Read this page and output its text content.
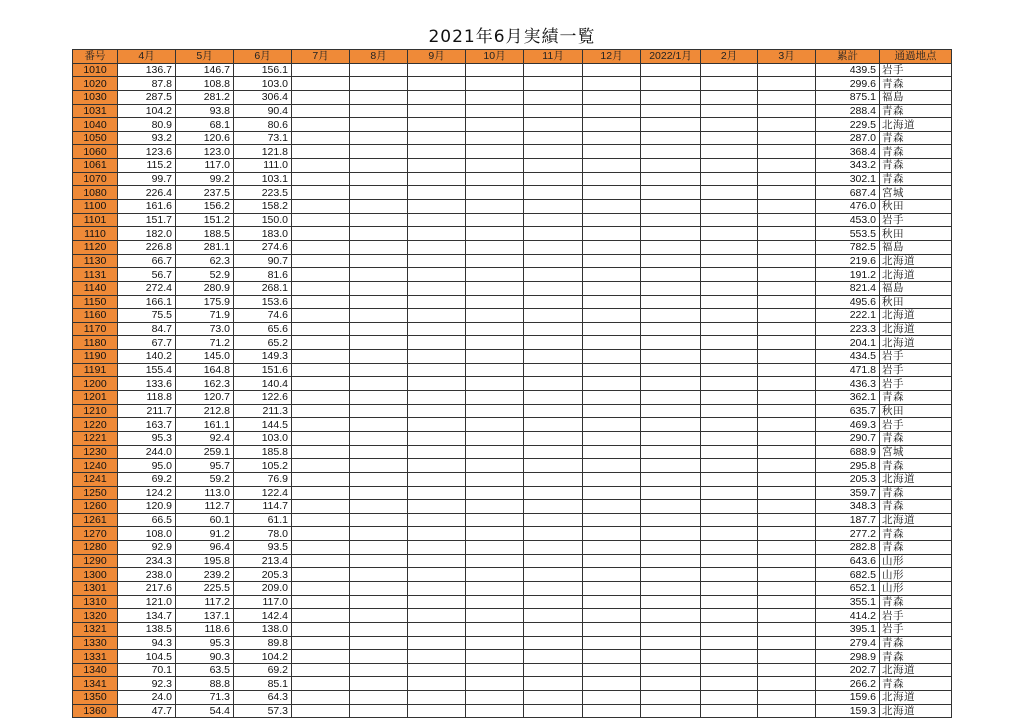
2021年6月実績一覧
番号	4月	5月	6月	7月	8月	9月	10月	11月	12月	2022/1月	2月	3月	累計	通過地点
1010	136.7	146.7	156.1										439.5	岩手
1020	87.8	108.8	103.0										299.6	青森
1030	287.5	281.2	306.4										875.1	福島
1031	104.2	93.8	90.4										288.4	青森
1040	80.9	68.1	80.6										229.5	北海道
1050	93.2	120.6	73.1										287.0	青森
1060	123.6	123.0	121.8										368.4	青森
1061	115.2	117.0	111.0										343.2	青森
1070	99.7	99.2	103.1										302.1	青森
1080	226.4	237.5	223.5										687.4	宮城
1100	161.6	156.2	158.2										476.0	秋田
1101	151.7	151.2	150.0										453.0	岩手
1110	182.0	188.5	183.0										553.5	秋田
1120	226.8	281.1	274.6										782.5	福島
1130	66.7	62.3	90.7										219.6	北海道
1131	56.7	52.9	81.6										191.2	北海道
1140	272.4	280.9	268.1										821.4	福島
1150	166.1	175.9	153.6										495.6	秋田
1160	75.5	71.9	74.6										222.1	北海道
1170	84.7	73.0	65.6										223.3	北海道
1180	67.7	71.2	65.2										204.1	北海道
1190	140.2	145.0	149.3										434.5	岩手
1191	155.4	164.8	151.6										471.8	岩手
1200	133.6	162.3	140.4										436.3	岩手
1201	118.8	120.7	122.6										362.1	青森
1210	211.7	212.8	211.3										635.7	秋田
1220	163.7	161.1	144.5										469.3	岩手
1221	95.3	92.4	103.0										290.7	青森
1230	244.0	259.1	185.8										688.9	宮城
1240	95.0	95.7	105.2										295.8	青森
1241	69.2	59.2	76.9										205.3	北海道
1250	124.2	113.0	122.4										359.7	青森
1260	120.9	112.7	114.7										348.3	青森
1261	66.5	60.1	61.1										187.7	北海道
1270	108.0	91.2	78.0										277.2	青森
1280	92.9	96.4	93.5										282.8	青森
1290	234.3	195.8	213.4										643.6	山形
1300	238.0	239.2	205.3										682.5	山形
1301	217.6	225.5	209.0										652.1	山形
1310	121.0	117.2	117.0										355.1	青森
1320	134.7	137.1	142.4										414.2	岩手
1321	138.5	118.6	138.0										395.1	岩手
1330	94.3	95.3	89.8										279.4	青森
1331	104.5	90.3	104.2										298.9	青森
1340	70.1	63.5	69.2										202.7	北海道
1341	92.3	88.8	85.1										266.2	青森
1350	24.0	71.3	64.3										159.6	北海道
1360	47.7	54.4	57.3										159.3	北海道
